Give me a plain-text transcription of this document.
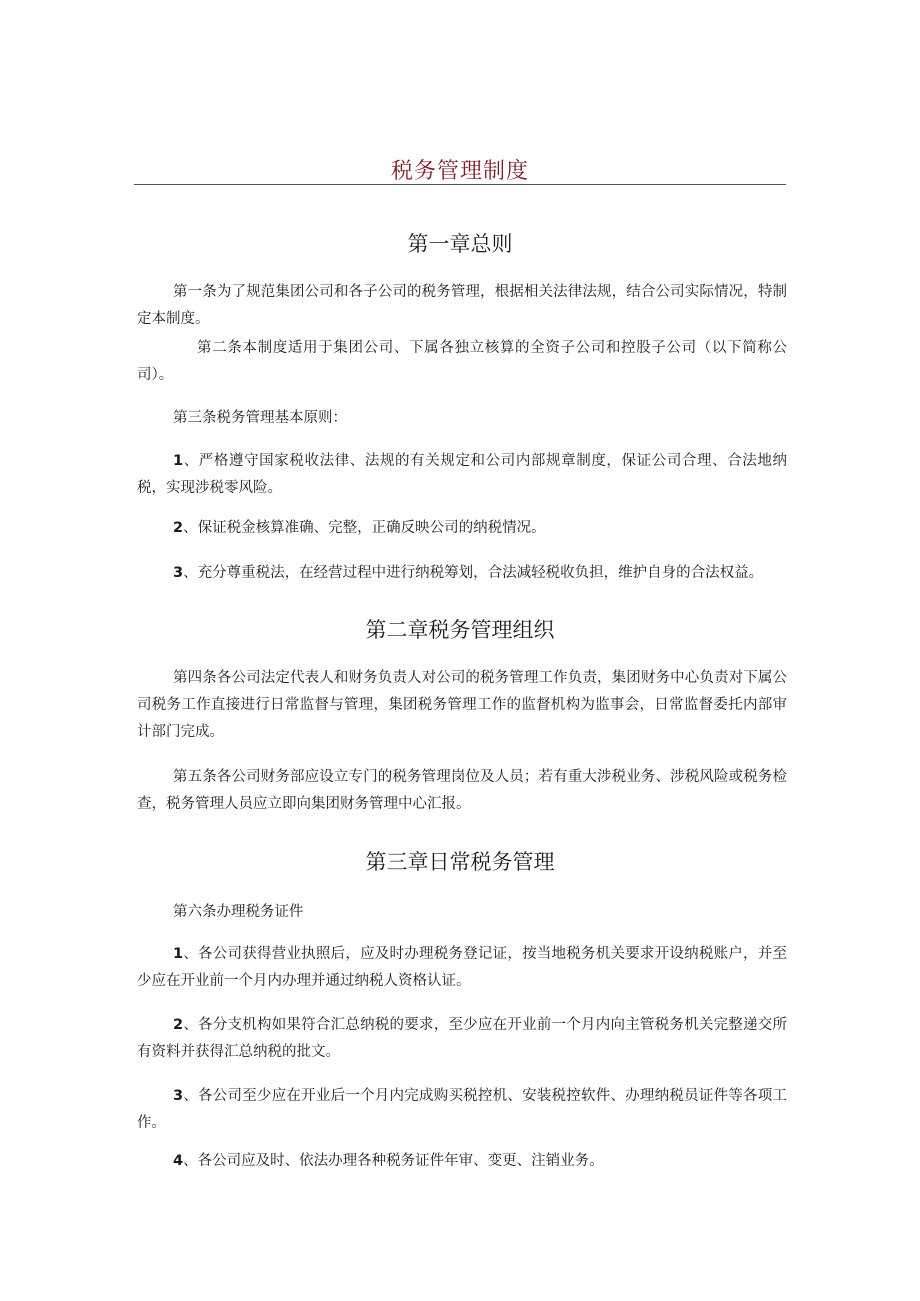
税务管理制度
第一章总则
第一条为了规范集团公司和各子公司的税务管理，根据相关法律法规，结合公司实际情况，特制定本制度。
第二条本制度适用于集团公司、下属各独立核算的全资子公司和控股子公司（以下简称公司）。
第三条税务管理基本原则：
1、严格遵守国家税收法律、法规的有关规定和公司内部规章制度，保证公司合理、合法地纳税，实现涉税零风险。
2、保证税金核算准确、完整，正确反映公司的纳税情况。
3、充分尊重税法，在经营过程中进行纳税筹划，合法减轻税收负担，维护自身的合法权益。
第二章税务管理组织
第四条各公司法定代表人和财务负责人对公司的税务管理工作负责，集团财务中心负责对下属公司税务工作直接进行日常监督与管理，集团税务管理工作的监督机构为监事会，日常监督委托内部审计部门完成。
第五条各公司财务部应设立专门的税务管理岗位及人员；若有重大涉税业务、涉税风险或税务检查，税务管理人员应立即向集团财务管理中心汇报。
第三章日常税务管理
第六条办理税务证件
1、各公司获得营业执照后，应及时办理税务登记证，按当地税务机关要求开设纳税账户，并至少应在开业前一个月内办理并通过纳税人资格认证。
2、各分支机构如果符合汇总纳税的要求，至少应在开业前一个月内向主管税务机关完整递交所有资料并获得汇总纳税的批文。
3、各公司至少应在开业后一个月内完成购买税控机、安装税控软件、办理纳税员证件等各项工作。
4、各公司应及时、依法办理各种税务证件年审、变更、注销业务。
